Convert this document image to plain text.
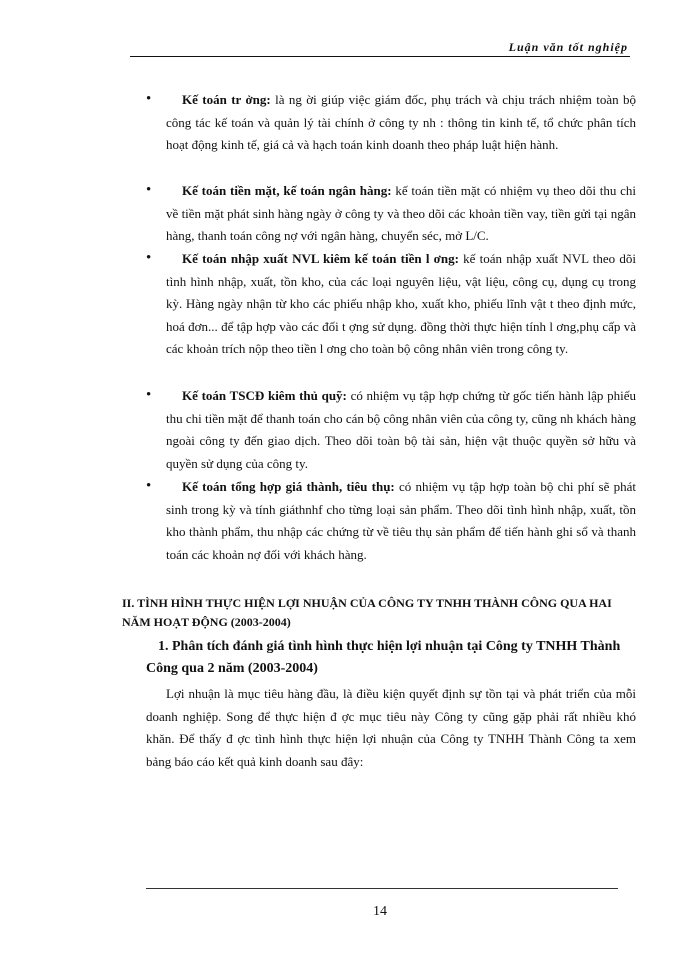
Luận văn tốt nghiệp
• Kế toán tr ởng: là ng ời giúp việc giám đốc, phụ trách và chịu trách nhiệm toàn bộ công tác kế toán và quản lý tài chính ở công ty nh : thông tin kinh tế, tổ chức phân tích hoạt động kinh tế, giá cả và hạch toán kinh doanh theo pháp luật hiện hành.
• Kế toán tiền mặt, kế toán ngân hàng: kế toán tiền mặt có nhiệm vụ theo dõi thu chi về tiền mặt phát sinh hàng ngày ở công ty và theo dõi các khoản tiền vay, tiền gửi tại ngân hàng, thanh toán công nợ với ngân hàng, chuyển séc, mở L/C.
• Kế toán nhập xuất NVL kiêm kế toán tiền l ơng: kế toán nhập xuất NVL theo dõi tình hình nhập, xuất, tồn kho, của các loại nguyên liệu, vật liệu, công cụ, dụng cụ trong kỳ. Hàng ngày nhận từ kho các phiếu nhập kho, xuất kho, phiếu lĩnh vật t theo định mức, hoá đơn... để tập hợp vào các đối t ợng sử dụng. đồng thời thực hiện tính l ơng,phụ cấp và các khoản trích nộp theo tiền l ơng cho toàn bộ công nhân viên trong công ty.
• Kế toán TSCĐ kiêm thủ quỹ: có nhiệm vụ tập hợp chứng từ gốc tiến hành lập phiếu thu chi tiền mặt để thanh toán cho cán bộ công nhân viên của công ty, cũng nh khách hàng ngoài công ty đến giao dịch. Theo dõi toàn bộ tài sản, hiện vật thuộc quyền sở hữu và quyền sử dụng của công ty.
• Kế toán tổng hợp giá thành, tiêu thụ: có nhiệm vụ tập hợp toàn bộ chi phí sẽ phát sinh trong kỳ và tính giáthnhf cho từng loại sản phẩm. Theo dõi tình hình nhập, xuất, tồn kho thành phẩm, thu nhập các chứng từ về tiêu thụ sản phẩm để tiến hành ghi sổ và thanh toán các khoản nợ đối với khách hàng.
II. TÌNH HÌNH THỰC HIỆN LỢI NHUẬN CỦA CÔNG TY TNHH THÀNH CÔNG QUA HAI NĂM HOẠT ĐỘNG (2003-2004)
1. Phân tích đánh giá tình hình thực hiện lợi nhuận tại Công ty TNHH Thành Công qua 2 năm (2003-2004)
Lợi nhuận là mục tiêu hàng đầu, là điều kiện quyết định sự tồn tại và phát triển của mỗi doanh nghiệp. Song để thực hiện đ ợc mục tiêu này Công ty cũng gặp phải rất nhiều khó khăn. Để thấy đ ợc tình hình thực hiện lợi nhuận của Công ty TNHH Thành Công ta xem bảng báo cáo kết quả kinh doanh sau đây:
14
